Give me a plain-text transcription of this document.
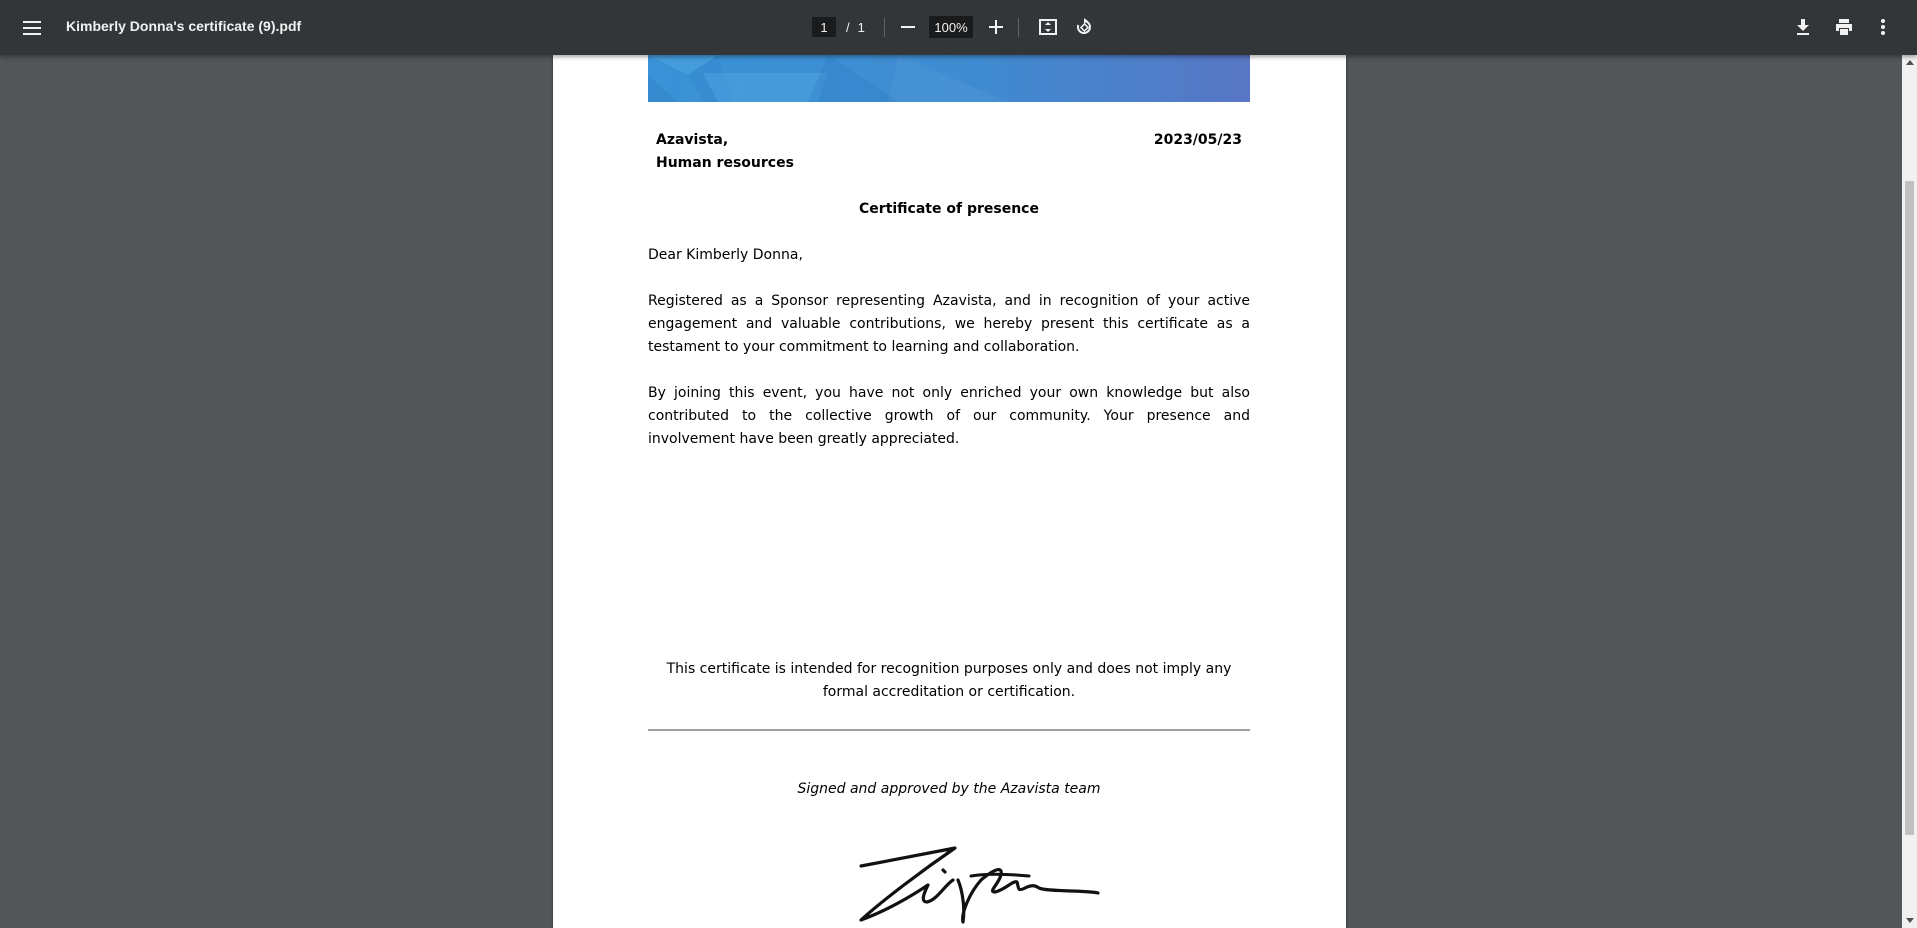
Kimberly Donna's certificate (9).pdf
1	/ 1
100%
Azavista,
Human resources
2023/05/23
Certificate of presence
Dear Kimberly Donna,
Registered as a Sponsor representing Azavista, and in recognition of your active engagement and valuable contributions, we hereby present this certificate as a testament to your commitment to learning and collaboration.
By joining this event, you have not only enriched your own knowledge but also contributed to the collective growth of our community. Your presence and involvement have been greatly appreciated.
This certificate is intended for recognition purposes only and does not imply any formal accreditation or certification.
Signed and approved by the Azavista team
